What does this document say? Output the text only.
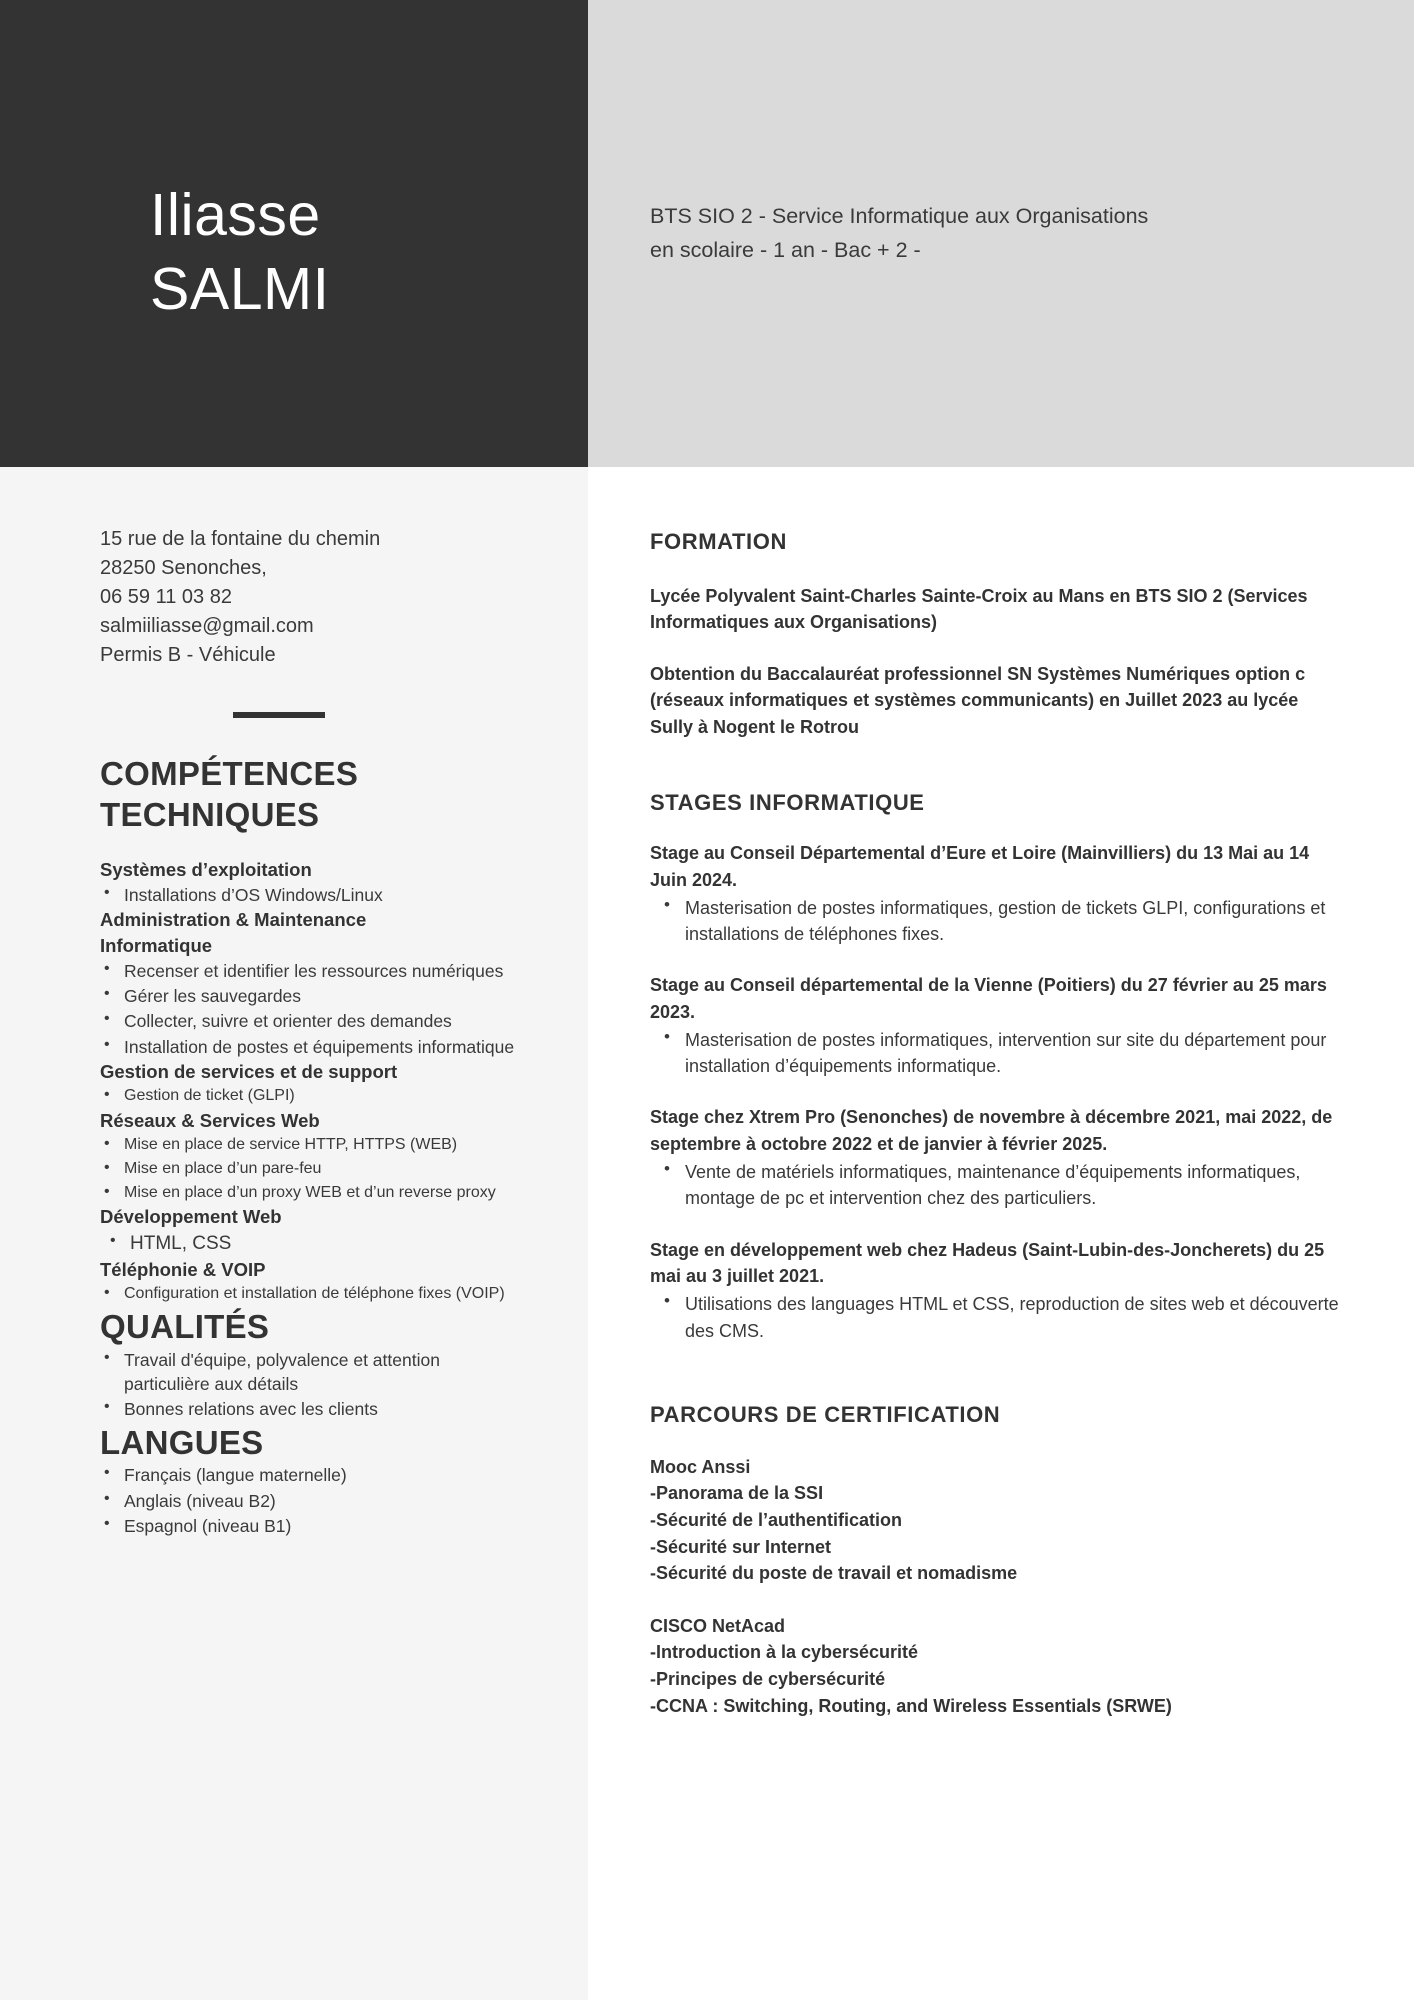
Iliasse
SALMI
BTS SIO 2 - Service Informatique aux Organisations
en scolaire - 1 an - Bac + 2 -
15 rue de la fontaine du chemin
28250 Senonches,
06 59 11 03 82
salmiiliasse@gmail.com
Permis B - Véhicule
COMPÉTENCES
TECHNIQUES

Systèmes d’exploitation

• Installations d’OS Windows/Linux

Administration & Maintenance

Informatique

• Recenser et identifier les ressources numériques
• Gérer les sauvegardes
• Collecter, suivre et orienter des demandes
• Installation de postes et équipements informatique

Gestion de services et de support

• Gestion de ticket (GLPI)

Réseaux & Services Web

• Mise en place de service HTTP, HTTPS (WEB)
• Mise en place d’un pare-feu
• Mise en place d’un proxy WEB et d’un reverse proxy

Développement Web

• HTML, CSS

Téléphonie & VOIP

• Configuration et installation de téléphone fixes (VOIP)
QUALITÉS
• Travail d'équipe, polyvalence et attention particulière aux détails
• Bonnes relations avec les clients
LANGUES
• Français (langue maternelle)
• Anglais (niveau B2)
• Espagnol (niveau B1)
FORMATION

Lycée Polyvalent Saint-Charles Sainte-Croix au Mans en BTS SIO 2 (Services Informatiques aux Organisations)

Obtention du Baccalauréat professionnel SN Systèmes Numériques option c (réseaux informatiques et systèmes communicants) en Juillet 2023 au lycée Sully à Nogent le Rotrou

STAGES INFORMATIQUE

Stage au Conseil Départemental d’Eure et Loire (Mainvilliers) du 13 Mai au 14 Juin 2024.

• Masterisation de postes informatiques, gestion de tickets GLPI, configurations et installations de téléphones fixes.

Stage au Conseil départemental de la Vienne (Poitiers) du 27 février au 25 mars 2023.

• Masterisation de postes informatiques, intervention sur site du département pour installation d’équipements informatique.

Stage chez Xtrem Pro (Senonches) de novembre à décembre 2021, mai 2022, de septembre à octobre 2022 et de janvier à février 2025.

• Vente de matériels informatiques, maintenance d’équipements informatiques, montage de pc et intervention chez des particuliers.

Stage en développement web chez Hadeus (Saint-Lubin-des-Joncherets) du 25 mai au 3 juillet 2021.

• Utilisations des languages HTML et CSS, reproduction de sites web et découverte des CMS.
PARCOURS DE CERTIFICATION
Mooc Anssi
-Panorama de la SSI
-Sécurité de l’authentification
-Sécurité sur Internet
-Sécurité du poste de travail et nomadisme
CISCO NetAcad
-Introduction à la cybersécurité
-Principes de cybersécurité
-CCNA : Switching, Routing, and Wireless Essentials (SRWE)
